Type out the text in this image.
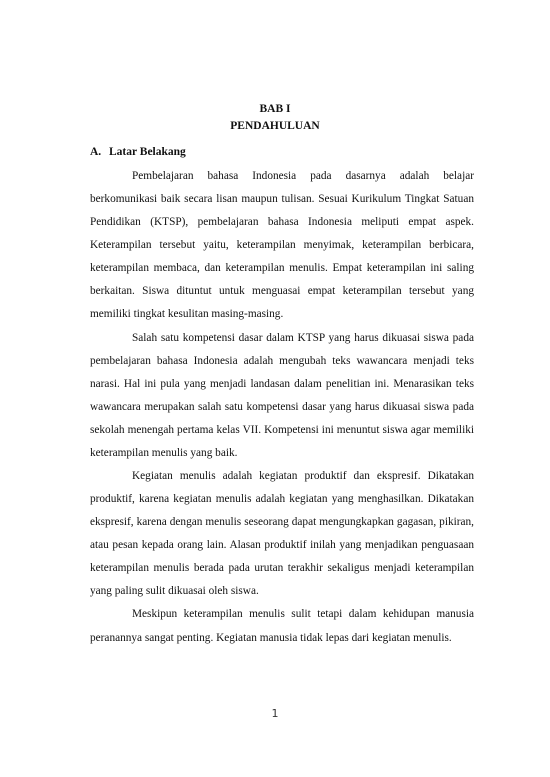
BAB I
PENDAHULUAN
A. Latar Belakang

Pembelajaran bahasa Indonesia pada dasarnya adalah belajar berkomunikasi baik secara lisan maupun tulisan. Sesuai Kurikulum Tingkat Satuan Pendidikan (KTSP), pembelajaran bahasa Indonesia meliputi empat aspek. Keterampilan tersebut yaitu, keterampilan menyimak, keterampilan berbicara, keterampilan membaca, dan keterampilan menulis. Empat keterampilan ini saling berkaitan. Siswa dituntut untuk menguasai empat keterampilan tersebut yang memiliki tingkat kesulitan masing-masing.

Salah satu kompetensi dasar dalam KTSP yang harus dikuasai siswa pada pembelajaran bahasa Indonesia adalah mengubah teks wawancara menjadi teks narasi. Hal ini pula yang menjadi landasan dalam penelitian ini. Menarasikan teks wawancara merupakan salah satu kompetensi dasar yang harus dikuasai siswa pada sekolah menengah pertama kelas VII. Kompetensi ini menuntut siswa agar memiliki keterampilan menulis yang baik.

Kegiatan menulis adalah kegiatan produktif dan ekspresif. Dikatakan produktif, karena kegiatan menulis adalah kegiatan yang menghasilkan. Dikatakan ekspresif, karena dengan menulis seseorang dapat mengungkapkan gagasan, pikiran, atau pesan kepada orang lain. Alasan produktif inilah yang menjadikan penguasaan keterampilan menulis berada pada urutan terakhir sekaligus menjadi keterampilan yang paling sulit dikuasai oleh siswa.

Meskipun keterampilan menulis sulit tetapi dalam kehidupan manusia peranannya sangat penting. Kegiatan manusia tidak lepas dari kegiatan menulis.

1
